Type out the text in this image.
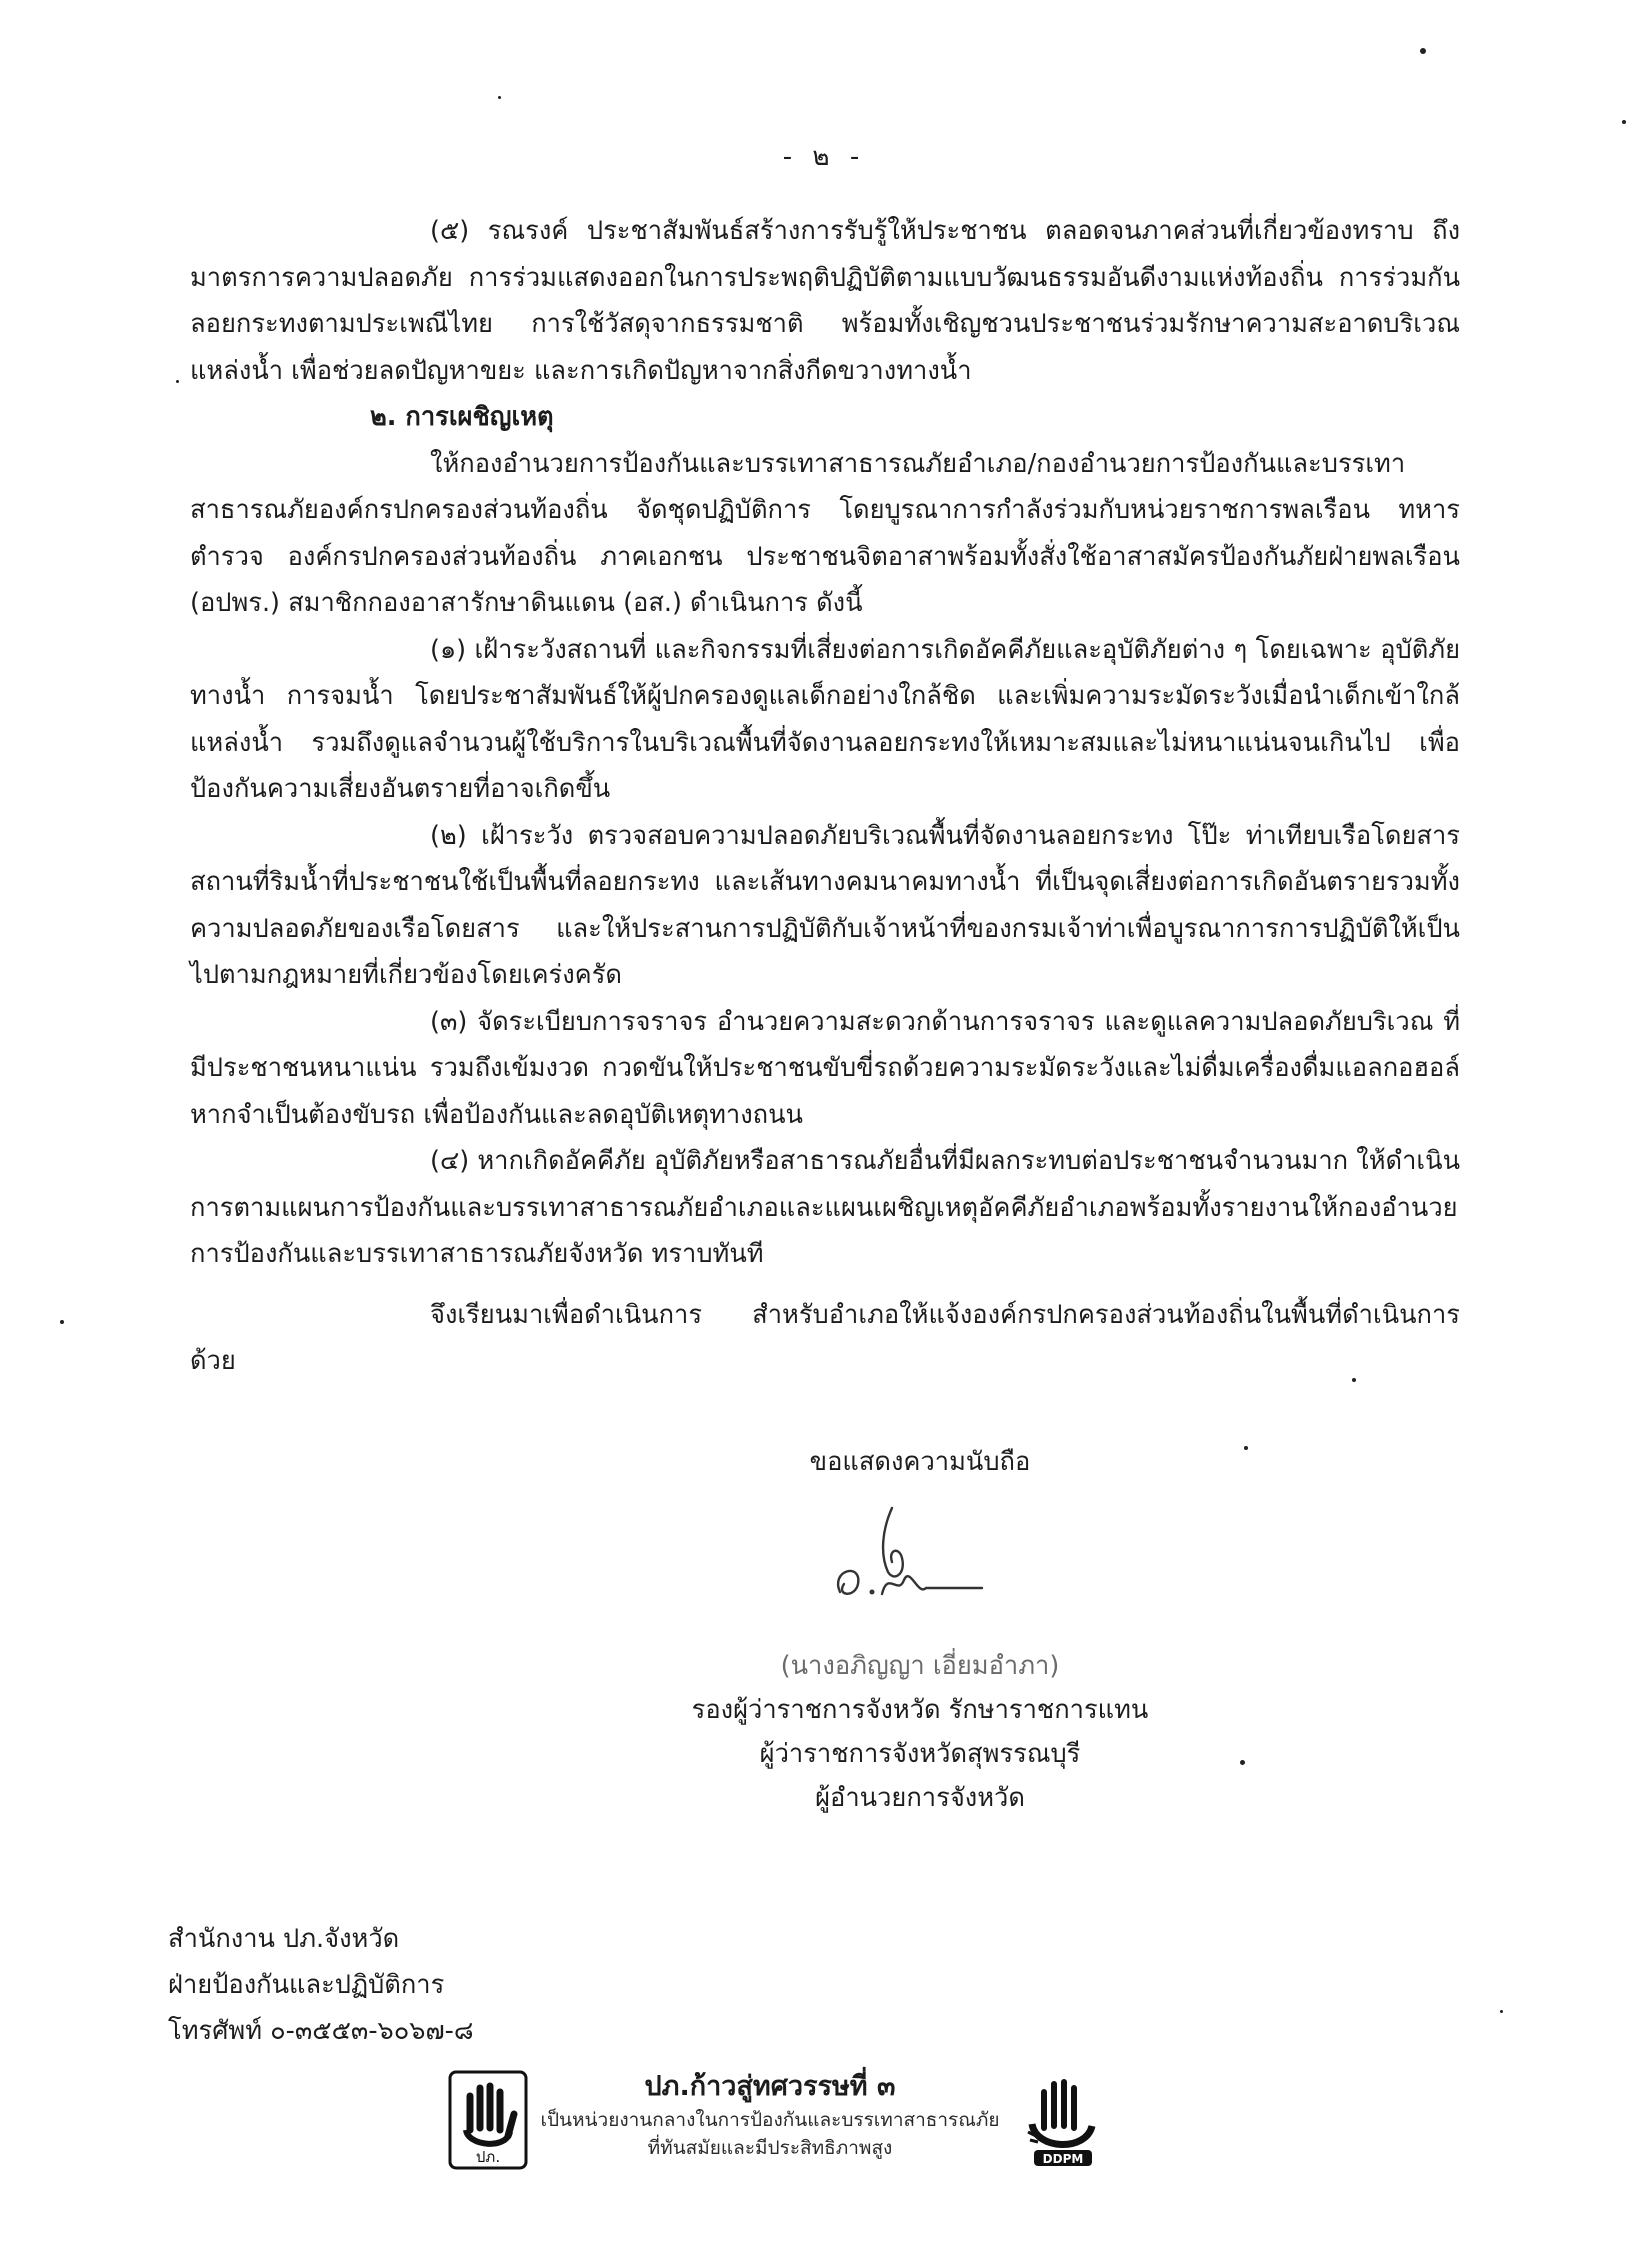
- ๒ -

(๕) รณรงค์ ประชาสัมพันธ์สร้างการรับรู้ให้ประชาชน ตลอดจนภาคส่วนที่เกี่ยวข้องทราบ ถึงมาตรการความปลอดภัย การร่วมแสดงออกในการประพฤติปฏิบัติตามแบบวัฒนธรรมอันดีงามแห่งท้องถิ่น การร่วมกันลอยกระทงตามประเพณีไทย การใช้วัสดุจากธรรมชาติ พร้อมทั้งเชิญชวนประชาชนร่วมรักษาความสะอาดบริเวณแหล่งน้ำ เพื่อช่วยลดปัญหาขยะ และการเกิดปัญหาจากสิ่งกีดขวางทางน้ำ

๒. การเผชิญเหตุ

ให้กองอำนวยการป้องกันและบรรเทาสาธารณภัยอำเภอ/กองอำนวยการป้องกันและบรรเทา สาธารณภัยองค์กรปกครองส่วนท้องถิ่น จัดชุดปฏิบัติการ โดยบูรณาการกำลังร่วมกับหน่วยราชการพลเรือน ทหาร ตำรวจ องค์กรปกครองส่วนท้องถิ่น ภาคเอกชน ประชาชนจิตอาสาพร้อมทั้งสั่งใช้อาสาสมัครป้องกันภัยฝ่ายพลเรือน (อปพร.) สมาชิกกองอาสารักษาดินแดน (อส.) ดำเนินการ ดังนี้

(๑) เฝ้าระวังสถานที่ และกิจกรรมที่เสี่ยงต่อการเกิดอัคคีภัยและอุบัติภัยต่าง ๆ โดยเฉพาะ อุบัติภัยทางน้ำ การจมน้ำ โดยประชาสัมพันธ์ให้ผู้ปกครองดูแลเด็กอย่างใกล้ชิด และเพิ่มความระมัดระวังเมื่อนำเด็กเข้าใกล้แหล่งน้ำ รวมถึงดูแลจำนวนผู้ใช้บริการในบริเวณพื้นที่จัดงานลอยกระทงให้เหมาะสมและไม่หนาแน่นจนเกินไป เพื่อป้องกันความเสี่ยงอันตรายที่อาจเกิดขึ้น

(๒) เฝ้าระวัง ตรวจสอบความปลอดภัยบริเวณพื้นที่จัดงานลอยกระทง โป๊ะ ท่าเทียบเรือโดยสาร สถานที่ริมน้ำที่ประชาชนใช้เป็นพื้นที่ลอยกระทง และเส้นทางคมนาคมทางน้ำ ที่เป็นจุดเสี่ยงต่อการเกิดอันตรายรวมทั้งความปลอดภัยของเรือโดยสาร และให้ประสานการปฏิบัติกับเจ้าหน้าที่ของกรมเจ้าท่าเพื่อบูรณาการการปฏิบัติให้เป็นไปตามกฎหมายที่เกี่ยวข้องโดยเคร่งครัด

(๓) จัดระเบียบการจราจร อำนวยความสะดวกด้านการจราจร และดูแลความปลอดภัยบริเวณ ที่มีประชาชนหนาแน่น รวมถึงเข้มงวด กวดขันให้ประชาชนขับขี่รถด้วยความระมัดระวังและไม่ดื่มเครื่องดื่มแอลกอฮอล์ หากจำเป็นต้องขับรถ เพื่อป้องกันและลดอุบัติเหตุทางถนน

(๔) หากเกิดอัคคีภัย อุบัติภัยหรือสาธารณภัยอื่นที่มีผลกระทบต่อประชาชนจำนวนมาก ให้ดำเนินการตามแผนการป้องกันและบรรเทาสาธารณภัยอำเภอและแผนเผชิญเหตุอัคคีภัยอำเภอพร้อมทั้งรายงานให้กองอำนวยการป้องกันและบรรเทาสาธารณภัยจังหวัด ทราบทันที

จึงเรียนมาเพื่อดำเนินการ สำหรับอำเภอให้แจ้งองค์กรปกครองส่วนท้องถิ่นในพื้นที่ดำเนินการด้วย

ขอแสดงความนับถือ
(นางอภิญญา เอี่ยมอำภา)
รองผู้ว่าราชการจังหวัด รักษาราชการแทน
ผู้ว่าราชการจังหวัดสุพรรณบุรี
ผู้อำนวยการจังหวัด
สำนักงาน ปภ.จังหวัด
ฝ่ายป้องกันและปฏิบัติการ
โทรศัพท์ ๐-๓๕๕๓-๖๐๖๗-๘
ปภ.
ปภ.ก้าวสู่ทศวรรษที่ ๓
เป็นหน่วยงานกลางในการป้องกันและบรรเทาสาธารณภัย
ที่ทันสมัยและมีประสิทธิภาพสูง	DDPM
